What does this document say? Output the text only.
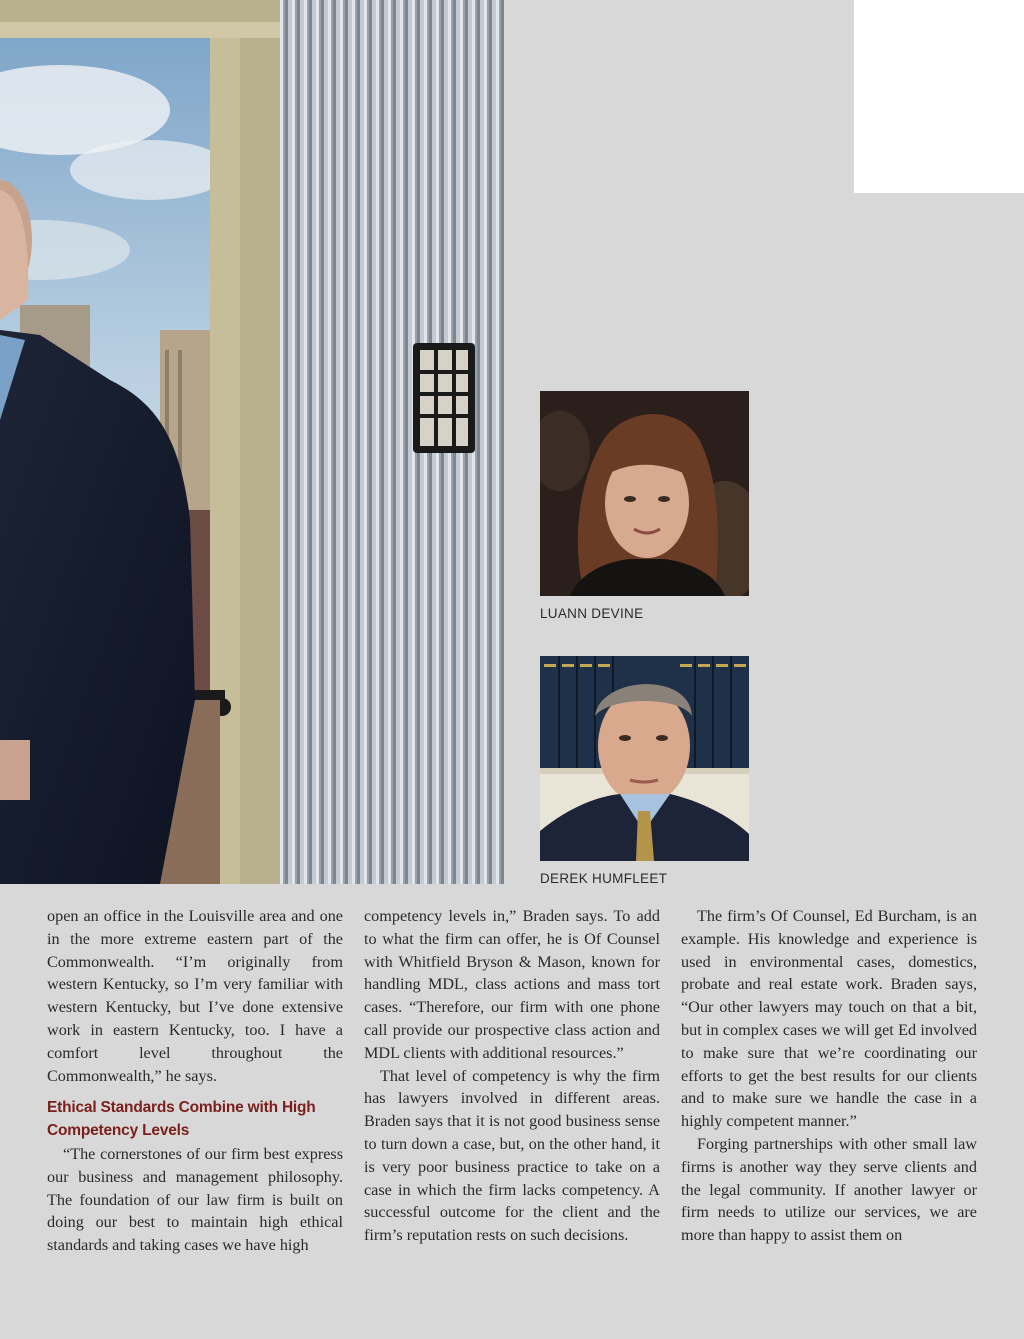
LUANN DEVINE
DEREK HUMFLEET

open an office in the Louisville area and one in the more extreme eastern part of the Commonwealth. “I’m originally from western Kentucky, so I’m very familiar with western Kentucky, but I’ve done extensive work in eastern Kentucky, too. I have a comfort level throughout the Commonwealth,” he says.

Ethical Standards Combine with High Competency Levels

“The cornerstones of our firm best express our business and management philosophy. The foundation of our law firm is built on doing our best to maintain high ethical standards and taking cases we have high

competency levels in,” Braden says. To add to what the firm can offer, he is Of Counsel with Whitfield Bryson & Mason, known for handling MDL, class actions and mass tort cases. “Therefore, our firm with one phone call provide our prospective class action and MDL clients with additional resources.”

That level of competency is why the firm has lawyers involved in different areas. Braden says that it is not good business sense to turn down a case, but, on the other hand, it is very poor business practice to take on a case in which the firm lacks competency. A successful outcome for the client and the firm’s reputation rests on such decisions.

The firm’s Of Counsel, Ed Burcham, is an example. His knowledge and experience is used in environmental cases, domestics, probate and real estate work. Braden says, “Our other lawyers may touch on that a bit, but in complex cases we will get Ed involved to make sure that we’re coordinating our efforts to get the best results for our clients and to make sure we handle the case in a highly competent manner.”

Forging partnerships with other small law firms is another way they serve clients and the legal community. If another lawyer or firm needs to utilize our services, we are more than happy to assist them on
